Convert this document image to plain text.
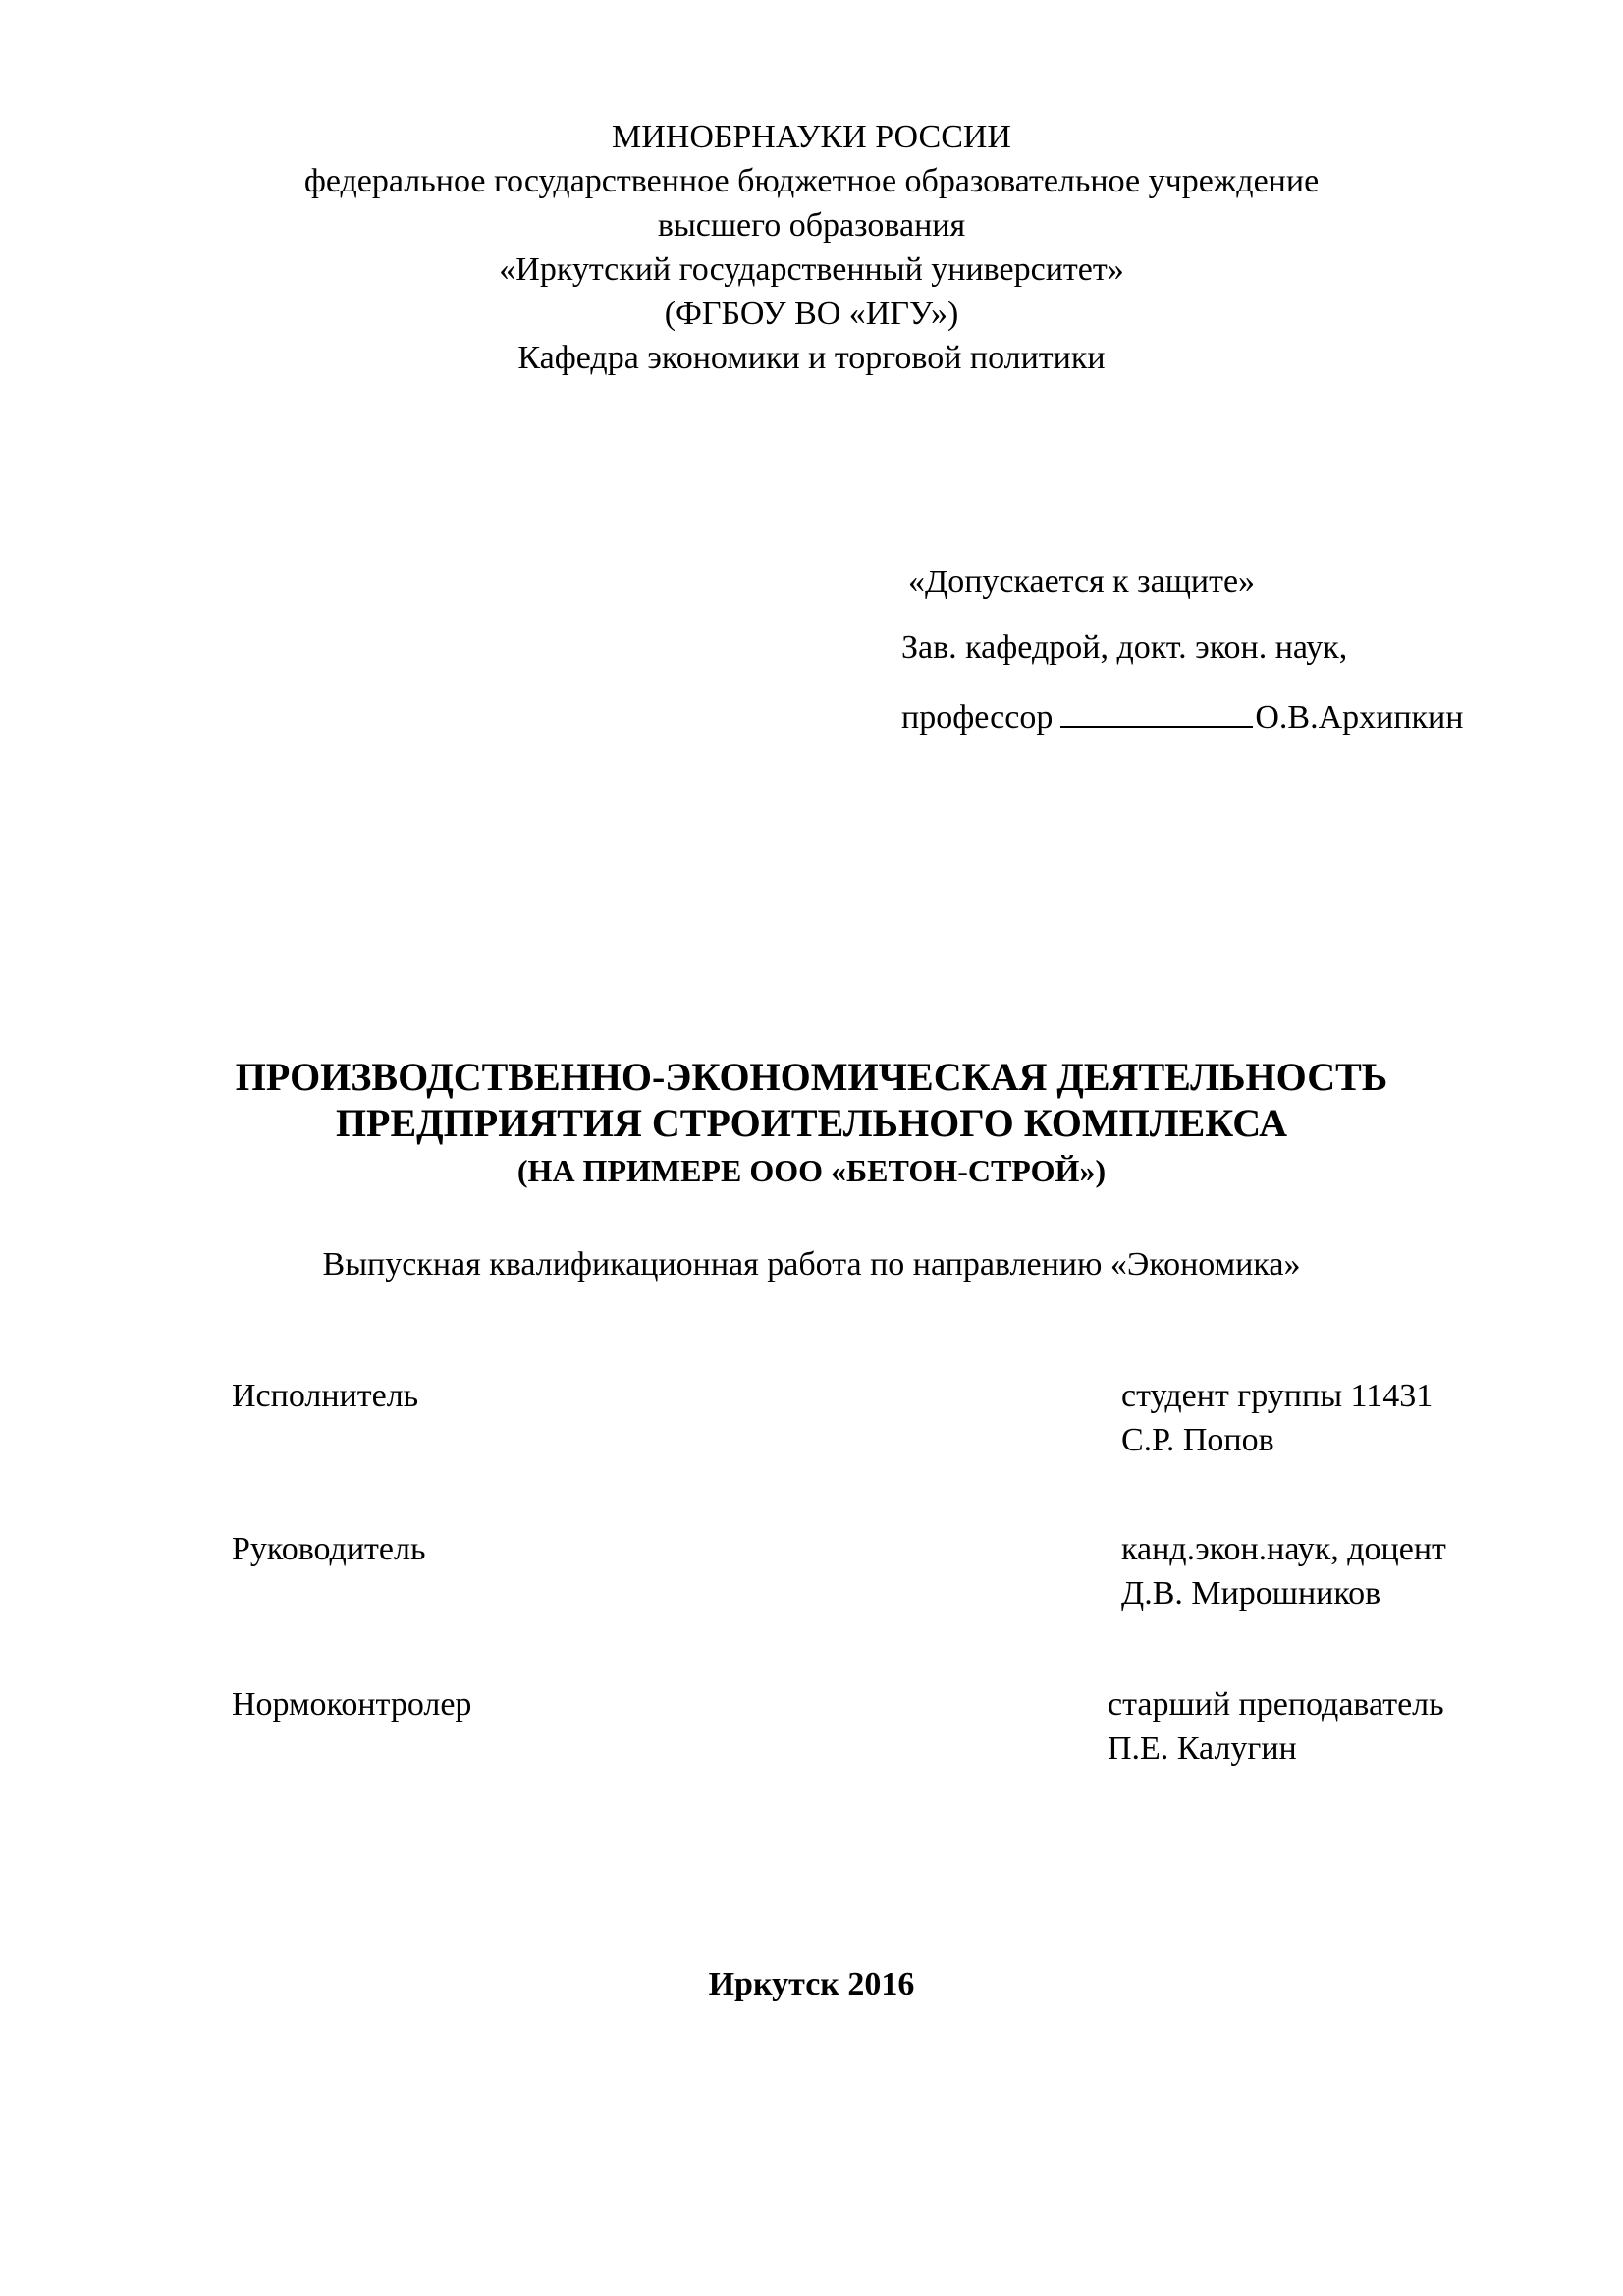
МИНОБРНАУКИ РОССИИ
федеральное государственное бюджетное образовательное учреждение
высшего образования
«Иркутский государственный университет»
(ФГБОУ ВО «ИГУ»)
Кафедра экономики и торговой политики
«Допускается к защите»
Зав. кафедрой, докт. экон. наук,
профессор	О.В.Архипкин
ПРОИЗВОДСТВЕННО-ЭКОНОМИЧЕСКАЯ ДЕЯТЕЛЬНОСТЬ
ПРЕДПРИЯТИЯ СТРОИТЕЛЬНОГО КОМПЛЕКСА
(НА ПРИМЕРЕ ООО «БЕТОН-СТРОЙ»)
Выпускная квалификационная работа по направлению «Экономика»
Исполнитель	студент группы 11431
С.Р. Попов
Руководитель	канд.экон.наук, доцент
Д.В. Мирошников
Нормоконтролер	старший преподаватель
П.Е. Калугин
Иркутск 2016
